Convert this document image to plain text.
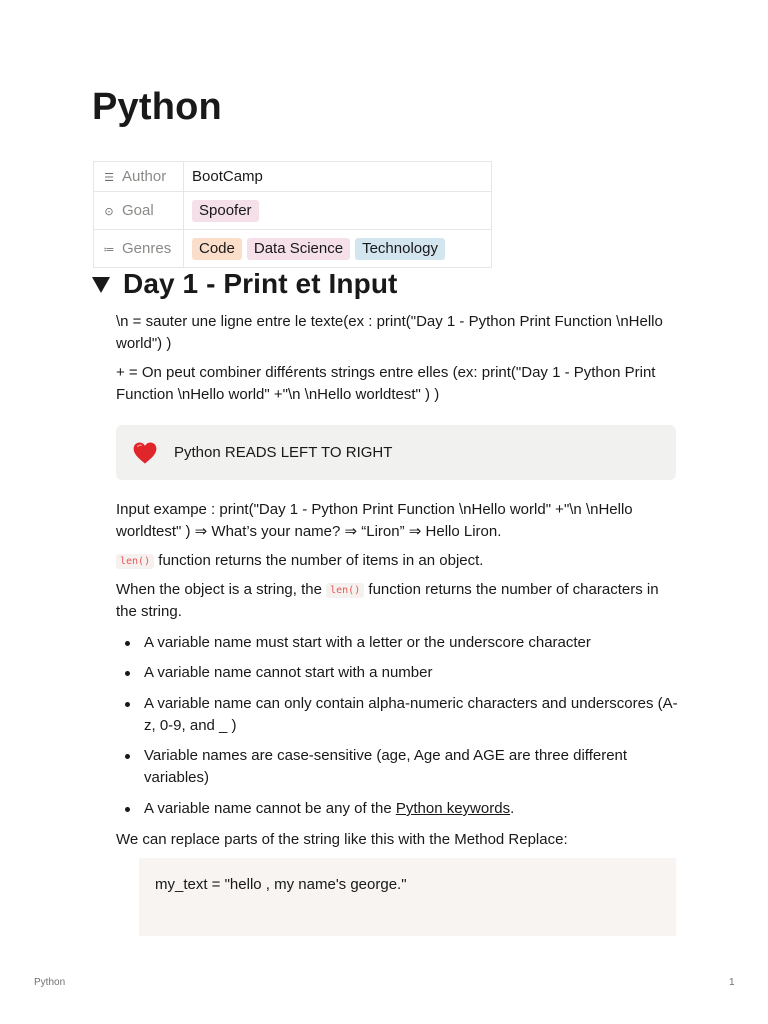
Python
☰ Author	BootCamp
⊙ Goal	Spoofer
≔ Genres	Code Data Science Technology
Day 1 - Print et Input

\n = sauter une ligne entre le texte(ex : print("Day 1 - Python Print Function \nHello world") )

+ = On peut combiner différents strings entre elles (ex: print("Day 1 - Python Print Function \nHello world" +"\n \nHello worldtest" ) )

Python READS LEFT TO RIGHT

Input exampe : print("Day 1 - Python Print Function \nHello world" +"\n \nHello worldtest" ) ⇒ What’s your name? ⇒ “Liron” ⇒ Hello Liron.

len() function returns the number of items in an object.

When the object is a string, the len() function returns the number of characters in the string.

A variable name must start with a letter or the underscore character
A variable name cannot start with a number
A variable name can only contain alpha-numeric characters and underscores (A-z, 0-9, and _ )
Variable names are case-sensitive (age, Age and AGE are three different variables)
A variable name cannot be any of the Python keywords.

We can replace parts of the string like this with the Method Replace:

my_text = "hello , my name's george."
Python	1
